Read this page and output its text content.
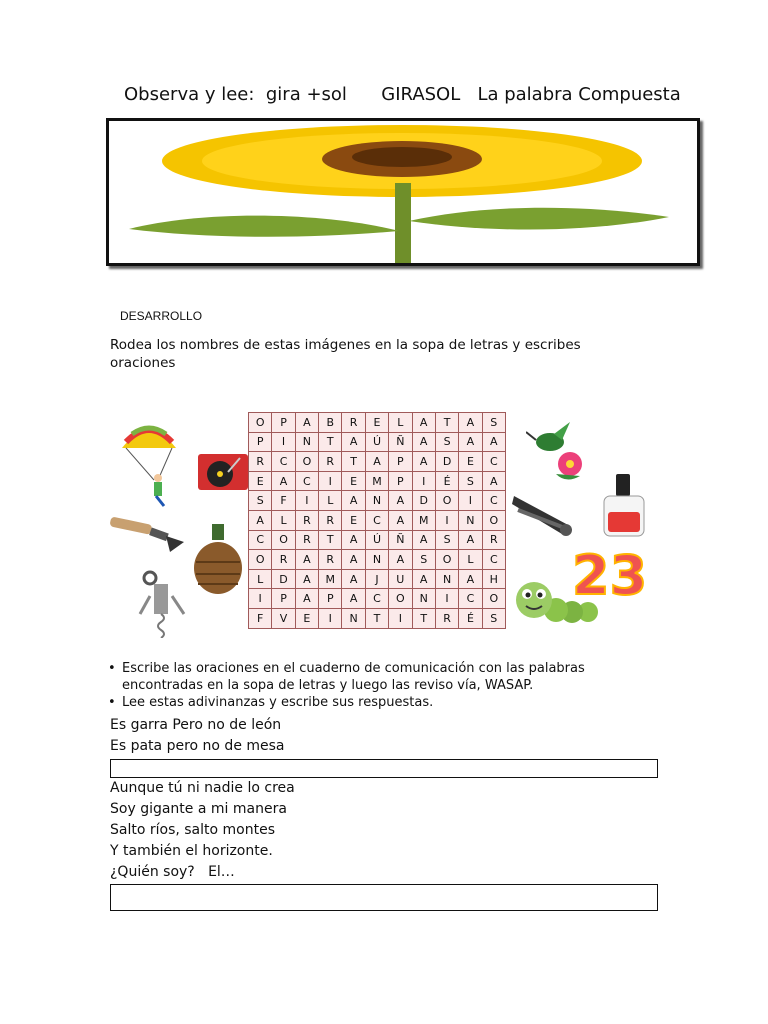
Observa y lee:  gira +sol GIRASOL La palabra Compuesta
DESARROLLO
Rodea los nombres de estas imágenes en la sopa de letras y escribes oraciones
O	P	A	B	R	E	L	A	T	A	S
P	I	N	T	A	Ú	Ñ	A	S	A	A
R	C	O	R	T	A	P	A	D	E	C
E	A	C	I	E	M	P	I	É	S	A
S	F	I	L	A	N	A	D	O	I	C
A	L	R	R	E	C	A	M	I	N	O
C	O	R	T	A	Ú	Ñ	A	S	A	R
O	R	A	R	A	N	A	S	O	L	C
L	D	A	M	A	J	U	A	N	A	H
I	P	A	P	A	C	O	N	I	C	O
F	V	E	I	N	T	I	T	R	É	S
23

• Escribe las oraciones en el cuaderno de comunicación con las palabras encontradas en la sopa de letras y luego las reviso vía, WASAP.

• Lee estas adivinanzas y escribe sus respuestas.

Es garra Pero no de león
Es pata pero no de mesa
Aunque tú ni nadie lo crea
Soy gigante a mi manera
Salto ríos, salto montes
Y también el horizonte.
¿Quién soy?   El…
